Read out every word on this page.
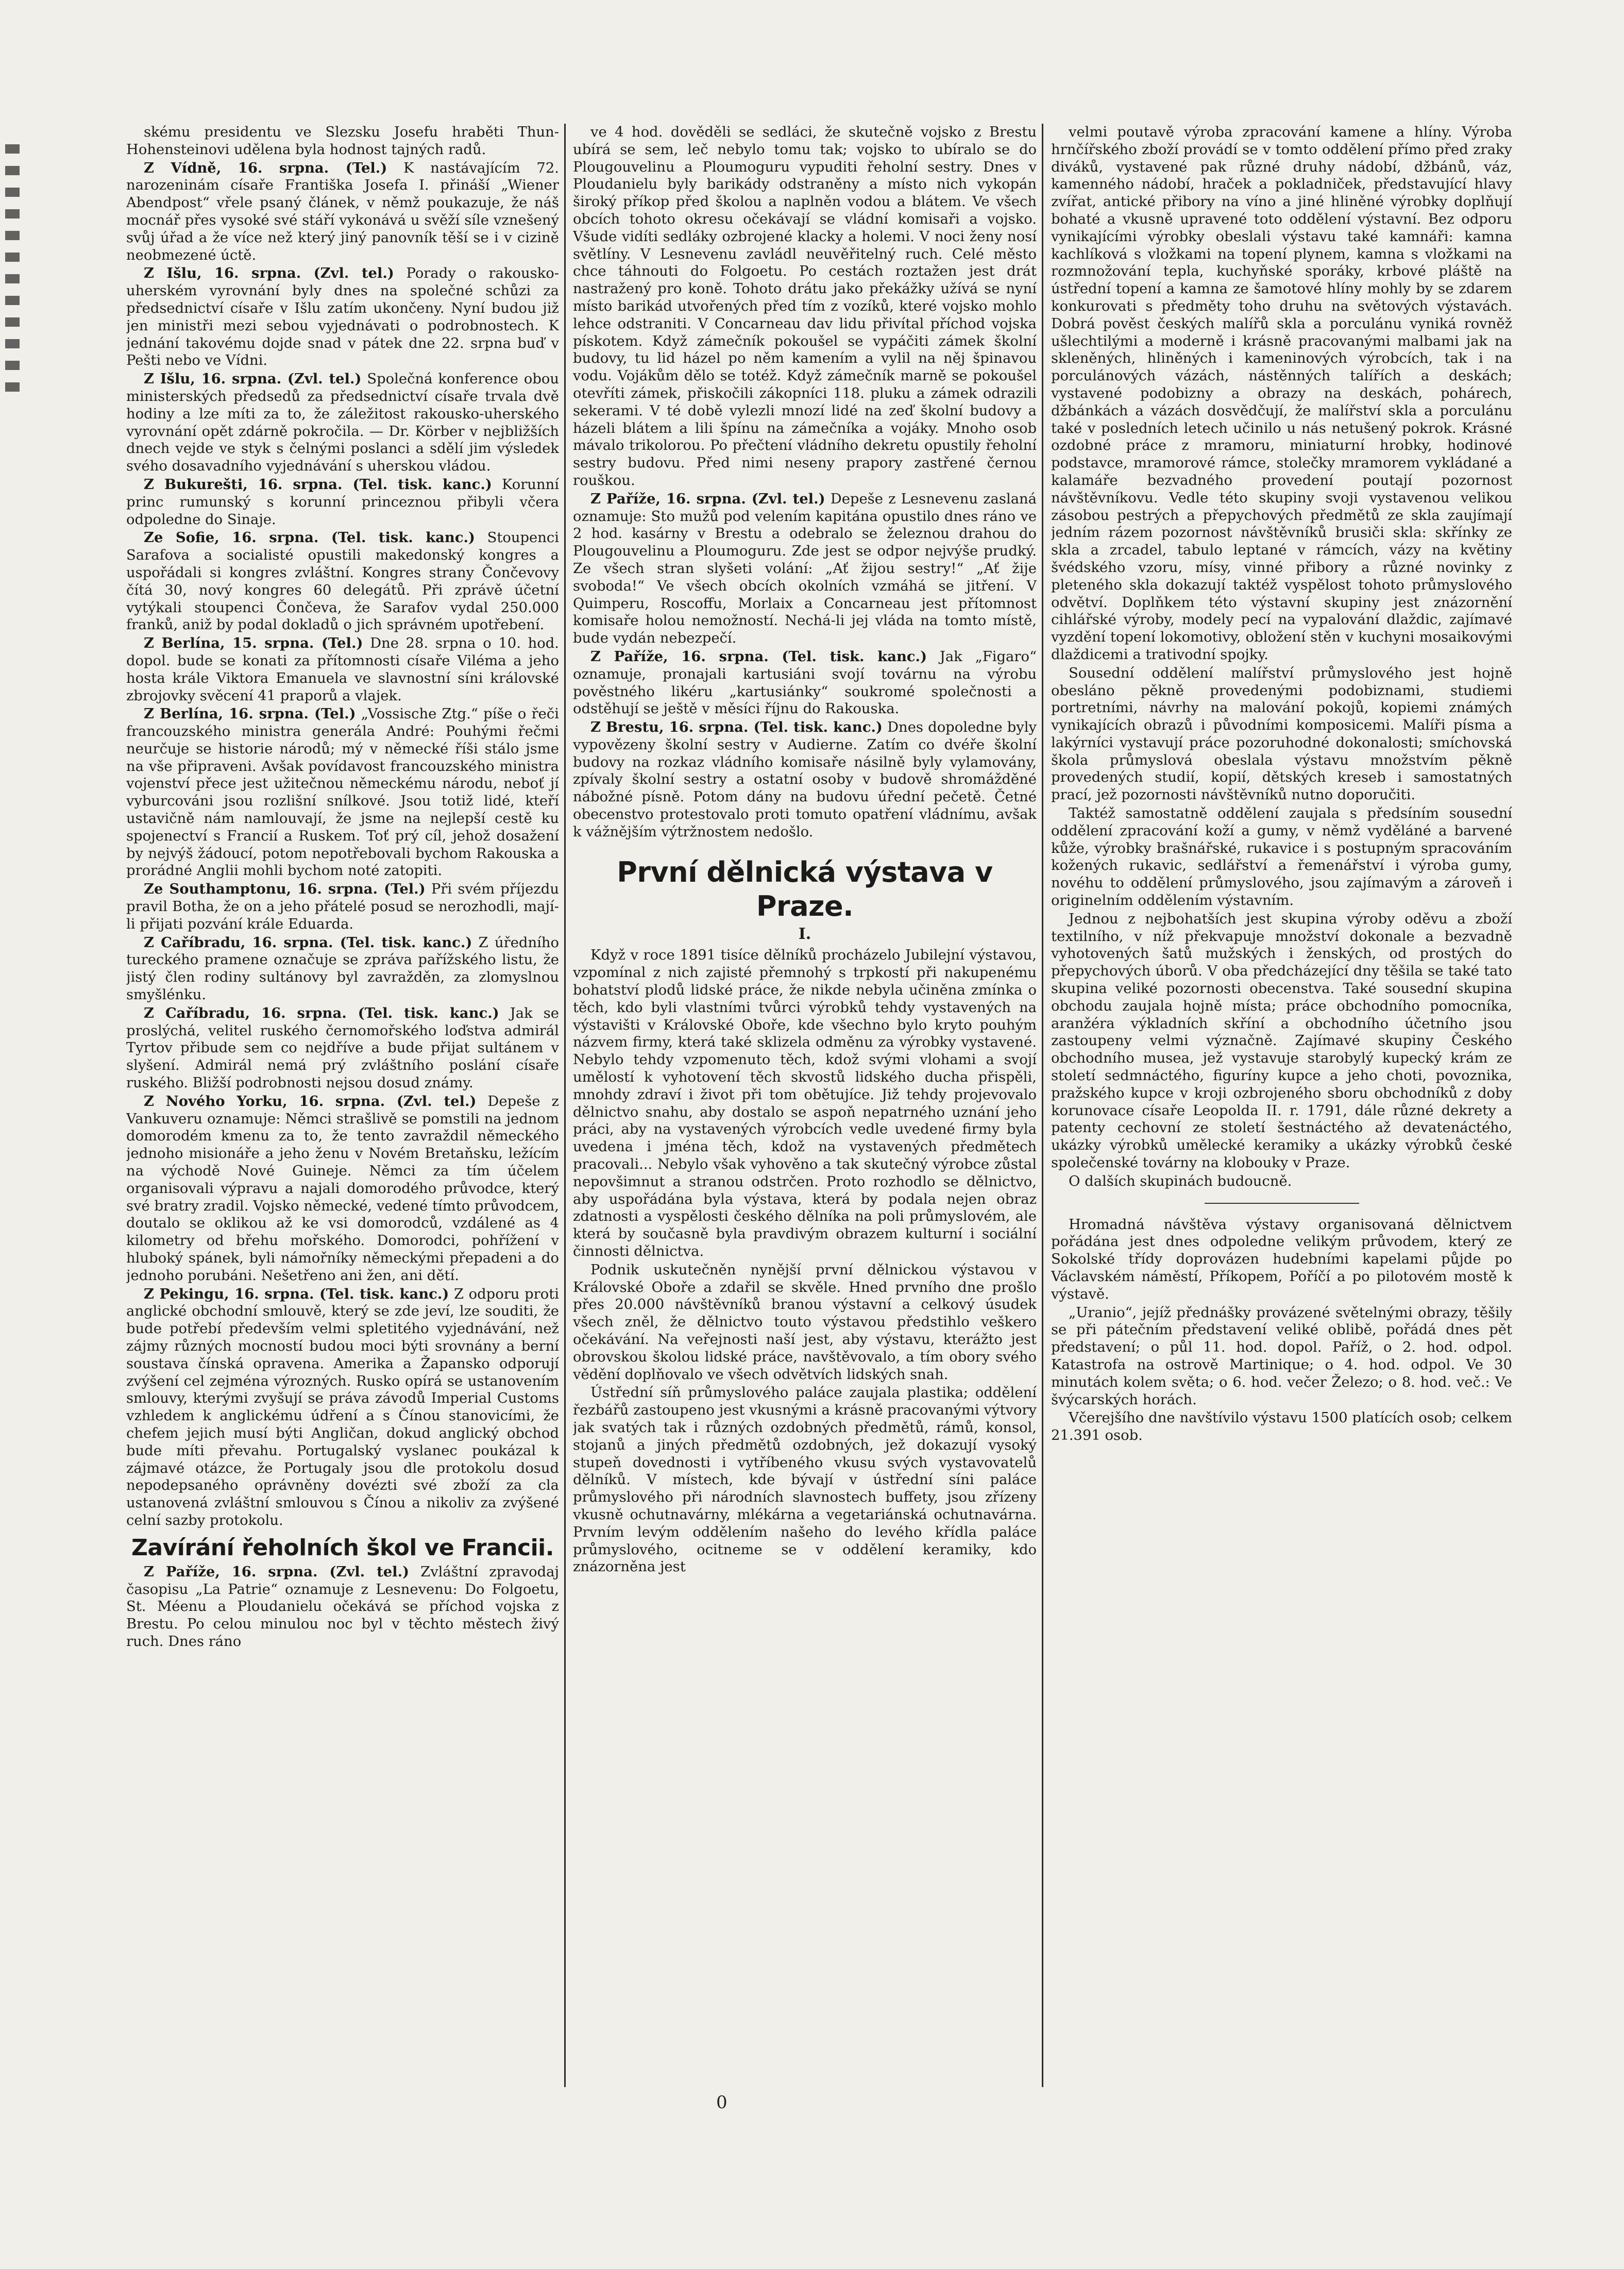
skému presidentu ve Slezsku Josefu hraběti Thun-Hohensteinovi udělena byla hodnost tajných radů.

Z Vídně, 16. srpna. (Tel.) K nastávajícím 72. narozeninám císaře Františka Josefa I. přináší „Wiener Abendpost“ vřele psaný článek, v němž poukazuje, že náš mocnář přes vysoké své stáří vykonává u svěží síle vznešený svůj úřad a že více než který jiný panovník těší se i v cizině neobmezené úctě.

Z Išlu, 16. srpna. (Zvl. tel.) Porady o rakousko-uherském vyrovnání byly dnes na společné schůzi za předsednictví císaře v Išlu zatím ukončeny. Nyní budou již jen ministři mezi sebou vyjednávati o podrobnostech. K jednání takovému dojde snad v pátek dne 22. srpna buď v Pešti nebo ve Vídni.

Z Išlu, 16. srpna. (Zvl. tel.) Společná konference obou ministerských předsedů za předsednictví císaře trvala dvě hodiny a lze míti za to, že záležitost rakousko-uherského vyrovnání opět zdárně pokročila. — Dr. Körber v nejbližších dnech vejde ve styk s čelnými poslanci a sdělí jim výsledek svého dosavadního vyjednávání s uherskou vládou.

Z Bukurešti, 16. srpna. (Tel. tisk. kanc.) Korunní princ rumunský s korunní princeznou přibyli včera odpoledne do Sinaje.

Ze Sofie, 16. srpna. (Tel. tisk. kanc.) Stoupenci Sarafova a socialisté opustili makedonský kongres a uspořádali si kongres zvláštní. Kongres strany Čončevovy čítá 30, nový kongres 60 delegátů. Při zprávě účetní vytýkali stoupenci Čončeva, že Sarafov vydal 250.000 franků, aniž by podal dokladů o jich správném upotřebení.

Z Berlína, 15. srpna. (Tel.) Dne 28. srpna o 10. hod. dopol. bude se konati za přítomnosti císaře Viléma a jeho hosta krále Viktora Emanuela ve slavnostní síni královské zbrojovky svěcení 41 praporů a vlajek.

Z Berlína, 16. srpna. (Tel.) „Vossische Ztg.“ píše o řeči francouzského ministra generála André: Pouhými řečmi neurčuje se historie národů; mý v německé říši stálo jsme na vše připraveni. Avšak povídavost francouzského ministra vojenství přece jest užitečnou německému národu, neboť jí vyburcováni jsou rozlišní snílkové. Jsou totiž lidé, kteří ustavičně nám namlouvají, že jsme na nejlepší cestě ku spojenectví s Francií a Ruskem. Toť prý cíl, jehož dosažení by nejvýš žádoucí, potom nepotřebovali bychom Rakouska a prorádné Anglii mohli bychom noté zatopiti.

Ze Southamptonu, 16. srpna. (Tel.) Při svém příjezdu pravil Botha, že on a jeho přátelé posud se nerozhodli, mají-li přijati pozvání krále Eduarda.

Z Caříbradu, 16. srpna. (Tel. tisk. kanc.) Z úředního tureckého pramene označuje se zpráva pařížského listu, že jistý člen rodiny sultánovy byl zavražděn, za zlomyslnou smyšlénku.

Z Caříbradu, 16. srpna. (Tel. tisk. kanc.) Jak se proslýchá, velitel ruského černomořského loďstva admirál Tyrtov přibude sem co nejdříve a bude přijat sultánem v slyšení. Admirál nemá prý zvláštního poslání císaře ruského. Bližší podrobnosti nejsou dosud známy.

Z Nového Yorku, 16. srpna. (Zvl. tel.) Depeše z Vankuveru oznamuje: Němci strašlivě se pomstili na jednom domorodém kmenu za to, že tento zavraždil německého jednoho misionáře a jeho ženu v Novém Bretaňsku, ležícím na východě Nové Guineje. Němci za tím účelem organisovali výpravu a najali domorodého průvodce, který své bratry zradil. Vojsko německé, vedené tímto průvodcem, doutalo se oklikou až ke vsi domorodců, vzdálené as 4 kilometry od břehu mořského. Domorodci, pohřížení v hluboký spánek, byli námořníky německými přepadeni a do jednoho porubáni. Nešetřeno ani žen, ani dětí.

Z Pekingu, 16. srpna. (Tel. tisk. kanc.) Z odporu proti anglické obchodní smlouvě, který se zde jeví, lze souditi, že bude potřebí především velmi spletitého vyjednávání, než zájmy různých mocností budou moci býti srovnány a berní soustava čínská opravena. Amerika a Žapansko odporují zvýšení cel zejména výrozných. Rusko opírá se ustanovením smlouvy, kterými zvyšují se práva závodů Imperial Customs vzhledem k anglickému údření a s Čínou stanovicími, že chefem jejich musí býti Angličan, dokud anglický obchod bude míti převahu. Portugalský vyslanec poukázal k zájmavé otázce, že Portugaly jsou dle protokolu dosud nepodepsaného oprávněny dovézti své zboží za cla ustanovená zvláštní smlouvou s Čínou a nikoliv za zvýšené celní sazby protokolu.

Zavírání řeholních škol ve Francii.

Z Paříže, 16. srpna. (Zvl. tel.) Zvláštní zpravodaj časopisu „La Patrie“ oznamuje z Lesnevenu: Do Folgoetu, St. Méenu a Ploudanielu očekává se příchod vojska z Brestu. Po celou minulou noc byl v těchto městech živý ruch. Dnes ráno

ve 4 hod. dověděli se sedláci, že skutečně vojsko z Brestu ubírá se sem, leč nebylo tomu tak; vojsko to ubíralo se do Plougouvelinu a Ploumoguru vypuditi řeholní sestry. Dnes v Ploudanielu byly barikády odstraněny a místo nich vykopán široký příkop před školou a naplněn vodou a blátem. Ve všech obcích tohoto okresu očekávají se vládní komisaři a vojsko. Všude vidíti sedláky ozbrojené klacky a holemi. V noci ženy nosí světlíny. V Lesnevenu zavládl neuvěřitelný ruch. Celé město chce táhnouti do Folgoetu. Po cestách roztažen jest drát nastražený pro koně. Tohoto drátu jako překážky užívá se nyní místo barikád utvořených před tím z vozíků, které vojsko mohlo lehce odstraniti. V Concarneau dav lidu přivítal příchod vojska pískotem. Když zámečník pokoušel se vypáčiti zámek školní budovy, tu lid házel po něm kamením a vylil na něj špinavou vodu. Vojákům dělo se totéž. Když zámečník marně se pokoušel otevříti zámek, přiskočili zákopníci 118. pluku a zámek odrazili sekerami. V té době vylezli mnozí lidé na zeď školní budovy a házeli blátem a lili špínu na zámečníka a vojáky. Mnoho osob mávalo trikolorou. Po přečtení vládního dekretu opustily řeholní sestry budovu. Před nimi neseny prapory zastřené černou rouškou.

Z Paříže, 16. srpna. (Zvl. tel.) Depeše z Lesnevenu zaslaná oznamuje: Sto mužů pod velením kapitána opustilo dnes ráno ve 2 hod. kasárny v Brestu a odebralo se železnou drahou do Plougouvelinu a Ploumoguru. Zde jest se odpor nejvýše prudký. Ze všech stran slyšeti volání: „Ať žijou sestry!“ „Ať žije svoboda!“ Ve všech obcích okolních vzmáhá se jitření. V Quimperu, Roscoffu, Morlaix a Concarneau jest přítomnost komisaře holou nemožností. Nechá-li jej vláda na tomto místě, bude vydán nebezpečí.

Z Paříže, 16. srpna. (Tel. tisk. kanc.) Jak „Figaro“ oznamuje, pronajali kartusiáni svojí továrnu na výrobu pověstného likéru „kartusiánky“ soukromé společnosti a odstěhují se ještě v měsíci říjnu do Rakouska.

Z Brestu, 16. srpna. (Tel. tisk. kanc.) Dnes dopoledne byly vypovězeny školní sestry v Audierne. Zatím co dvéře školní budovy na rozkaz vládního komisaře násilně byly vylamovány, zpívaly školní sestry a ostatní osoby v budově shromážděné nábožné písně. Potom dány na budovu úřední pečetě. Četné obecenstvo protestovalo proti tomuto opatření vládnímu, avšak k vážnějším výtržnostem nedošlo.

První dělnická výstava v Praze.
I.

Když v roce 1891 tisíce dělníků procházelo Jubilejní výstavou, vzpomínal z nich zajisté přemnohý s trpkostí při nakupenému bohatství plodů lidské práce, že nikde nebyla učiněna zmínka o těch, kdo byli vlastními tvůrci výrobků tehdy vystavených na výstavišti v Královské Oboře, kde všechno bylo kryto pouhým názvem firmy, která také sklizela odměnu za výrobky vystavené. Nebylo tehdy vzpomenuto těch, kdož svými vlohami a svojí umělostí k vyhotovení těch skvostů lidského ducha přispěli, mnohdy zdraví i život při tom obětujíce. Již tehdy projevovalo dělnictvo snahu, aby dostalo se aspoň nepatrného uznání jeho práci, aby na vystavených výrobcích vedle uvedené firmy byla uvedena i jména těch, kdož na vystavených předmětech pracovali... Nebylo však vyhověno a tak skutečný výrobce zůstal nepovšimnut a stranou odstrčen. Proto rozhodlo se dělnictvo, aby uspořádána byla výstava, která by podala nejen obraz zdatnosti a vyspělosti českého dělníka na poli průmyslovém, ale která by současně byla pravdivým obrazem kulturní i sociální činnosti dělnictva.

Podnik uskutečněn nynější první dělnickou výstavou v Královské Oboře a zdařil se skvěle. Hned prvního dne prošlo přes 20.000 návštěvníků branou výstavní a celkový úsudek všech zněl, že dělnictvo touto výstavou předstihlo veškero očekávání. Na veřejnosti naší jest, aby výstavu, kterážto jest obrovskou školou lidské práce, navštěvovalo, a tím obory svého vědění doplňovalo ve všech odvětvích lidských snah.

Ústřední síň průmyslového paláce zaujala plastika; oddělení řezbářů zastoupeno jest vkusnými a krásně pracovanými výtvory jak svatých tak i různých ozdobných předmětů, rámů, konsol, stojanů a jiných předmětů ozdobných, jež dokazují vysoký stupeň dovednosti i vytříbeného vkusu svých vystavovatelů dělníků. V místech, kde bývají v ústřední síni paláce průmyslového při národních slavnostech buffety, jsou zřízeny vkusně ochutnavárny, mlékárna a vegetariánská ochutnavárna. Prvním levým oddělením našeho do levého křídla paláce průmyslového, ocitneme se v oddělení keramiky, kdo znázorněna jest

velmi poutavě výroba zpracování kamene a hlíny. Výroba hrnčířského zboží provádí se v tomto oddělení přímo před zraky diváků, vystavené pak různé druhy nádobí, džbánů, váz, kamenného nádobí, hraček a pokladniček, představující hlavy zvířat, antické přibory na víno a jiné hliněné výrobky doplňují bohaté a vkusně upravené toto oddělení výstavní. Bez odporu vynikajícími výrobky obeslali výstavu také kamnáři: kamna kachlíková s vložkami na topení plynem, kamna s vložkami na rozmnožování tepla, kuchyňské sporáky, krbové pláště na ústřední topení a kamna ze šamotové hlíny mohly by se zdarem konkurovati s předměty toho druhu na světových výstavách. Dobrá pověst českých malířů skla a porculánu vyniká rovněž ušlechtilými a moderně i krásně pracovanými malbami jak na skleněných, hliněných i kameninových výrobcích, tak i na porculánových vázách, nástěnných talířích a deskách; vystavené podobizny a obrazy na deskách, pohárech, džbánkách a vázách dosvědčují, že malířství skla a porculánu také v posledních letech učinilo u nás netušený pokrok. Krásné ozdobné práce z mramoru, miniaturní hrobky, hodinové podstavce, mramorové rámce, stolečky mramorem vykládané a kalamáře bezvadného provedení poutají pozornost návštěvníkovu. Vedle této skupiny svoji vystavenou velikou zásobou pestrých a přepychových předmětů ze skla zaujímají jedním rázem pozornost návštěvníků brusiči skla: skřínky ze skla a zrcadel, tabulo leptané v rámcích, vázy na květiny švédského vzoru, mísy, vinné přibory a různé novinky z pleteného skla dokazují taktéž vyspělost tohoto průmyslového odvětví. Doplňkem této výstavní skupiny jest znázornění cihlářské výroby, modely pecí na vypalování dlaždic, zajímavé vyzdění topení lokomotivy, obložení stěn v kuchyni mosaikovými dlaždicemi a trativodní spojky.

Sousední oddělení malířství průmyslového jest hojně obesláno pěkně provedenými podobiznami, studiemi portretními, návrhy na malování pokojů, kopiemi známých vynikajících obrazů i původními komposicemi. Malíři písma a lakýrníci vystavují práce pozoruhodné dokonalosti; smíchovská škola průmyslová obeslala výstavu množstvím pěkně provedených studií, kopií, dětských kreseb i samostatných prací, jež pozornosti návštěvníků nutno doporučiti.

Taktéž samostatně oddělení zaujala s předsíním sousední oddělení zpracování koží a gumy, v němž vyděláné a barvené kůže, výrobky brašnářské, rukavice i s postupným spracováním kožených rukavic, sedlářství a řemenářství i výroba gumy, novéhu to oddělení průmyslového, jsou zajímavým a zároveň i originelním oddělením výstavním.

Jednou z nejbohatších jest skupina výroby oděvu a zboží textilního, v níž překvapuje množství dokonale a bezvadně vyhotovených šatů mužských i ženských, od prostých do přepychových úborů. V oba předcházející dny těšila se také tato skupina veliké pozornosti obecenstva. Také sousední skupina obchodu zaujala hojně místa; práce obchodního pomocníka, aranžéra výkladních skříní a obchodního účetního jsou zastoupeny velmi význačně. Zajímavé skupiny Českého obchodního musea, jež vystavuje starobylý kupecký krám ze století sedmnáctého, figuríny kupce a jeho choti, povoznika, pražského kupce v kroji ozbrojeného sboru obchodníků z doby korunovace císaře Leopolda II. r. 1791, dále různé dekrety a patenty cechovní ze století šestnáctého až devatenáctého, ukázky výrobků umělecké keramiky a ukázky výrobků české společenské továrny na klobouky v Praze.

O dalších skupinách budoucně.

Hromadná návštěva výstavy organisovaná dělnictvem pořádána jest dnes odpoledne velikým průvodem, který ze Sokolské třídy doprovázen hudebními kapelami půjde po Václavském náměstí, Příkopem, Poříčí a po pilotovém mostě k výstavě.

„Uranio“, jejíž přednášky provázené světelnými obrazy, těšily se při pátečním představení veliké oblibě, pořádá dnes pět představení; o půl 11. hod. dopol. Paříž, o 2. hod. odpol. Katastrofa na ostrově Martinique; o 4. hod. odpol. Ve 30 minutách kolem světa; o 6. hod. večer Železo; o 8. hod. več.: Ve švýcarských horách.

Včerejšího dne navštívilo výstavu 1500 platících osob; celkem 21.391 osob.

0
